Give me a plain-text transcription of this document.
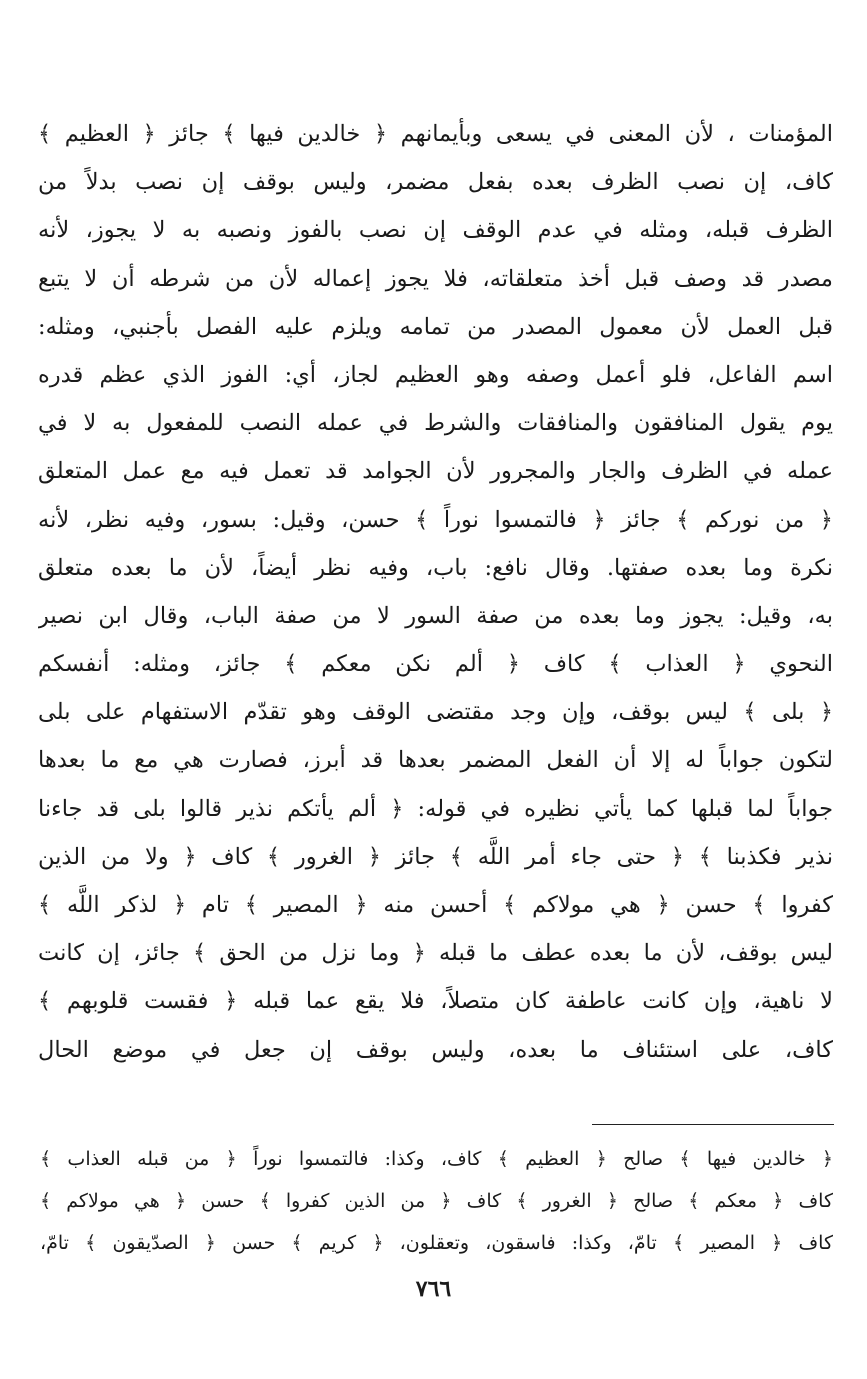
المؤمنات ، لأن المعنى في يسعى وبأيمانهم ﴿ خالدين فيها ﴾ جائز ﴿ العظيم ﴾
كاف، إن نصب الظرف بعده بفعل مضمر، وليس بوقف إن نصب بدلاً من
الظرف قبله، ومثله في عدم الوقف إن نصب بالفوز ونصبه به لا يجوز، لأنه
مصدر قد وصف قبل أخذ متعلقاته، فلا يجوز إعماله لأن من شرطه أن لا يتبع
قبل العمل لأن معمول المصدر من تمامه ويلزم عليه الفصل بأجنبي، ومثله:
اسم الفاعل، فلو أعمل وصفه وهو العظيم لجاز، أي: الفوز الذي عظم قدره
يوم يقول المنافقون والمنافقات والشرط في عمله النصب للمفعول به لا في
عمله في الظرف والجار والمجرور لأن الجوامد قد تعمل فيه مع عمل المتعلق
﴿ من نوركم ﴾ جائز ﴿ فالتمسوا نوراً ﴾ حسن، وقيل: بسور، وفيه نظر، لأنه
نكرة وما بعده صفتها. وقال نافع: باب، وفيه نظر أيضاً، لأن ما بعده متعلق
به، وقيل: يجوز وما بعده من صفة السور لا من صفة الباب، وقال ابن نصير
النحوي ﴿ العذاب ﴾ كاف ﴿ ألم نكن معكم ﴾ جائز، ومثله: أنفسكم
﴿ بلى ﴾ ليس بوقف، وإن وجد مقتضى الوقف وهو تقدّم الاستفهام على بلى
لتكون جواباً له إلا أن الفعل المضمر بعدها قد أبرز، فصارت هي مع ما بعدها
جواباً لما قبلها كما يأتي نظيره في قوله: ﴿ ألم يأتكم نذير قالوا بلى قد جاءنا
نذير فكذبنا ﴾ ﴿ حتى جاء أمر اللَّه ﴾ جائز ﴿ الغرور ﴾ كاف ﴿ ولا من الذين
كفروا ﴾ حسن ﴿ هي مولاكم ﴾ أحسن منه ﴿ المصير ﴾ تام ﴿ لذكر اللَّه ﴾
ليس بوقف، لأن ما بعده عطف ما قبله ﴿ وما نزل من الحق ﴾ جائز، إن كانت
لا ناهية، وإن كانت عاطفة كان متصلاً، فلا يقع عما قبله ﴿ فقست قلوبهم ﴾
كاف، على استئناف ما بعده، وليس بوقف إن جعل في موضع الحال
﴿ خالدين فيها ﴾ صالح ﴿ العظيم ﴾ كاف، وكذا: فالتمسوا نوراً ﴿ من قبله العذاب ﴾
كاف ﴿ معكم ﴾ صالح ﴿ الغرور ﴾ كاف ﴿ من الذين كفروا ﴾ حسن ﴿ هي مولاكم ﴾
كاف ﴿ المصير ﴾ تامّ، وكذا: فاسقون، وتعقلون، ﴿ كريم ﴾ حسن ﴿ الصدّيقون ﴾ تامّ،
٧٦٦
